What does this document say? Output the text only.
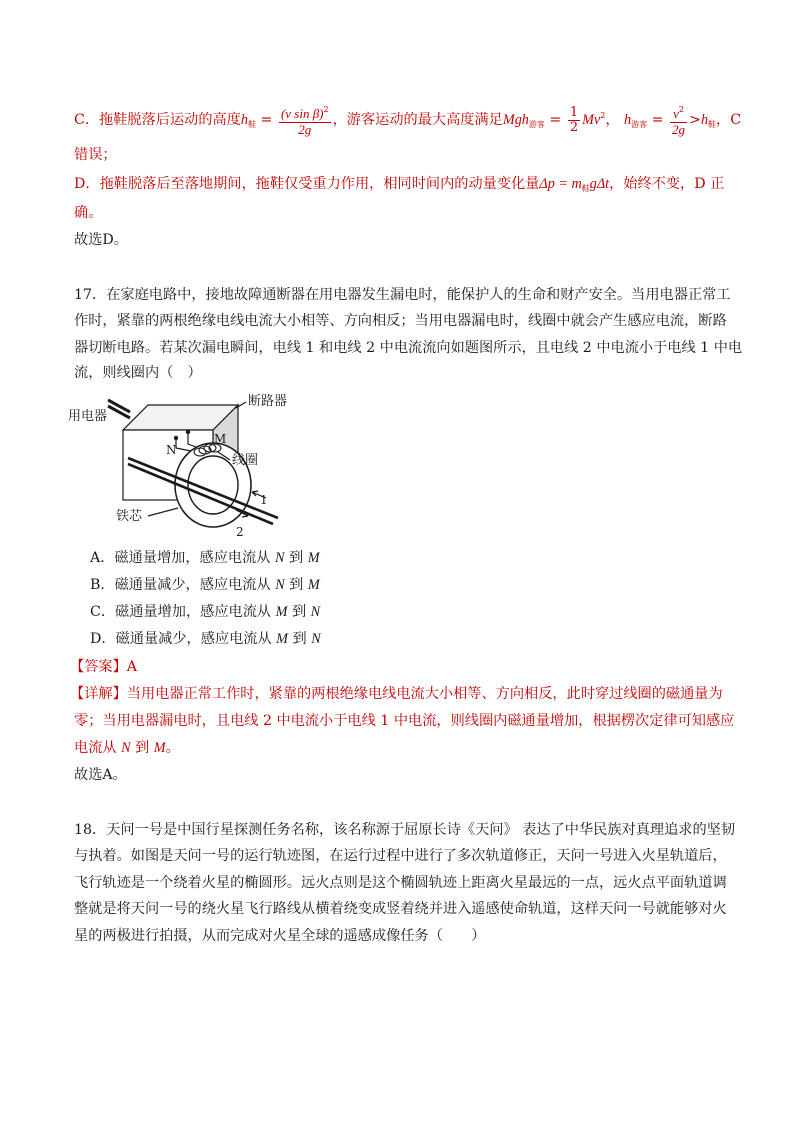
C．拖鞋脱落后运动的高度$h_鞋 = \frac{(v \sin \beta)^2}{2g}$ ，游客运动的最大高度满足$Mgh_{游客} = \frac{1}{2} Mv^2$， $h_{游客} = \frac{v^2}{2g} >h_鞋$，C
错误；
D．拖鞋脱落后至落地期间，拖鞋仅受重力作用，相同时间内的动量变化量$\Delta p = m_鞋g\Delta t$，始终不变，D 正
确。
故选D。
17．在家庭电路中，接地故障通断器在用电器发生漏电时，能保护人的生命和财产安全。当用电器正常工
作时，紧靠的两根绝缘电线电流大小相等、方向相反；当用电器漏电时，线圈中就会产生感应电流，断路
器切断电路。若某次漏电瞬间，电线 1 和电线 2 中电流流向如题图所示，且电线 2 中电流小于电线 1 中电
流，则线圈内（　）
用电器
断路器
线圈
铁芯
N
M
1
2
A．磁通量增加，感应电流从 N 到 M
B．磁通量减少，感应电流从 N 到 M
C．磁通量增加，感应电流从 M 到 N
D．磁通量减少，感应电流从 M 到 N
【答案】A
【详解】当用电器正常工作时，紧靠的两根绝缘电线电流大小相等、方向相反，此时穿过线圈的磁通量为
零；当用电器漏电时，且电线 2 中电流小于电线 1 中电流，则线圈内磁通量增加，根据楞次定律可知感应
电流从 N 到 M。
故选A。
18．天问一号是中国行星探测任务名称，该名称源于屈原长诗《天问》 表达了中华民族对真理追求的坚韧
与执着。如图是天问一号的运行轨迹图，在运行过程中进行了多次轨道修正，天问一号进入火星轨道后，
飞行轨迹是一个绕着火星的椭圆形。远火点则是这个椭圆轨迹上距离火星最远的一点，远火点平面轨道调
整就是将天问一号的绕火星飞行路线从横着绕变成竖着绕并进入遥感使命轨道，这样天问一号就能够对火
星的两极进行拍摄，从而完成对火星全球的遥感成像任务（　　）
